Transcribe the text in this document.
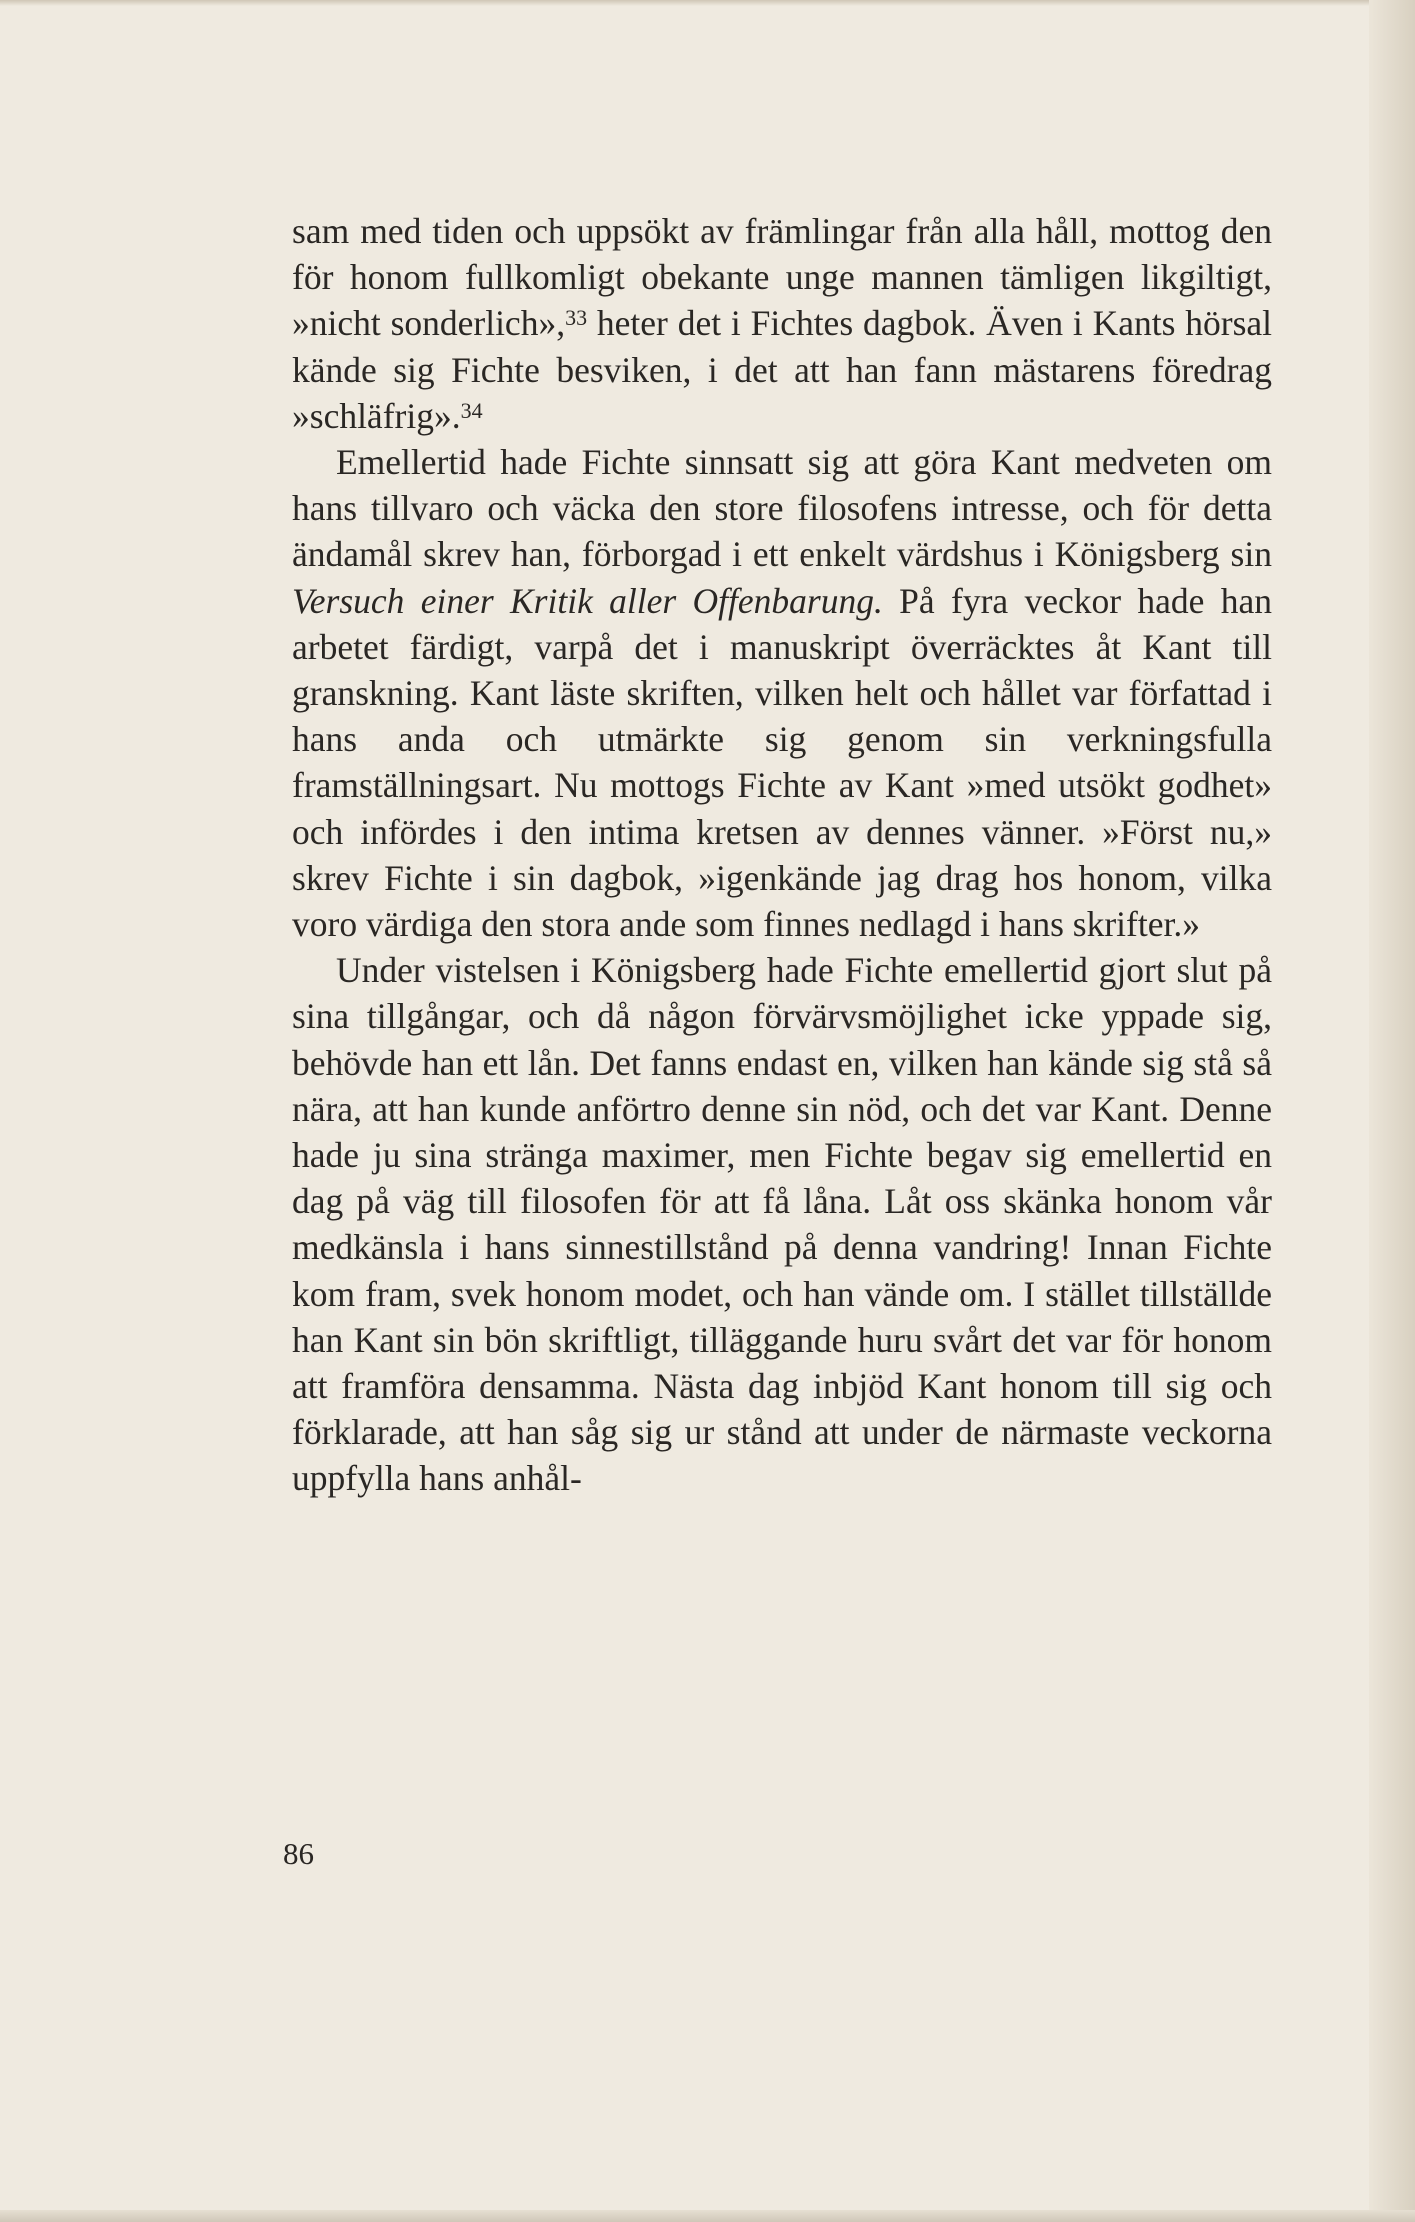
sam med tiden och uppsökt av främlingar från alla håll, mottog den för honom fullkomligt obekante unge mannen tämligen likgiltigt, »nicht sonderlich»,$^{33}$ heter det i Fichtes dagbok. Även i Kants hörsal kände sig Fichte besviken, i det att han fann mästarens föredrag »schläfrig».$^{34}$

Emellertid hade Fichte sinnsatt sig att göra Kant medveten om hans tillvaro och väcka den store filosofens intresse, och för detta ändamål skrev han, förborgad i ett enkelt värdshus i Königsberg sin Versuch einer Kritik aller Offenbarung. På fyra veckor hade han arbetet färdigt, varpå det i manuskript överräcktes åt Kant till granskning. Kant läste skriften, vilken helt och hållet var författad i hans anda och utmärkte sig genom sin verkningsfulla framställningsart. Nu mottogs Fichte av Kant »med utsökt godhet» och infördes i den intima kretsen av dennes vänner. »Först nu,» skrev Fichte i sin dagbok, »igenkände jag drag hos honom, vilka voro värdiga den stora ande som finnes nedlagd i hans skrifter.»

Under vistelsen i Königsberg hade Fichte emellertid gjort slut på sina tillgångar, och då någon förvärvsmöjlighet icke yppade sig, behövde han ett lån. Det fanns endast en, vilken han kände sig stå så nära, att han kunde anförtro denne sin nöd, och det var Kant. Denne hade ju sina stränga maximer, men Fichte begav sig emellertid en dag på väg till filosofen för att få låna. Låt oss skänka honom vår medkänsla i hans sinnestillstånd på denna vandring! Innan Fichte kom fram, svek honom modet, och han vände om. I stället tillställde han Kant sin bön skriftligt, tilläggande huru svårt det var för honom att framföra densamma. Nästa dag inbjöd Kant honom till sig och förklarade, att han såg sig ur stånd att under de närmaste veckorna uppfylla hans anhål-

86
